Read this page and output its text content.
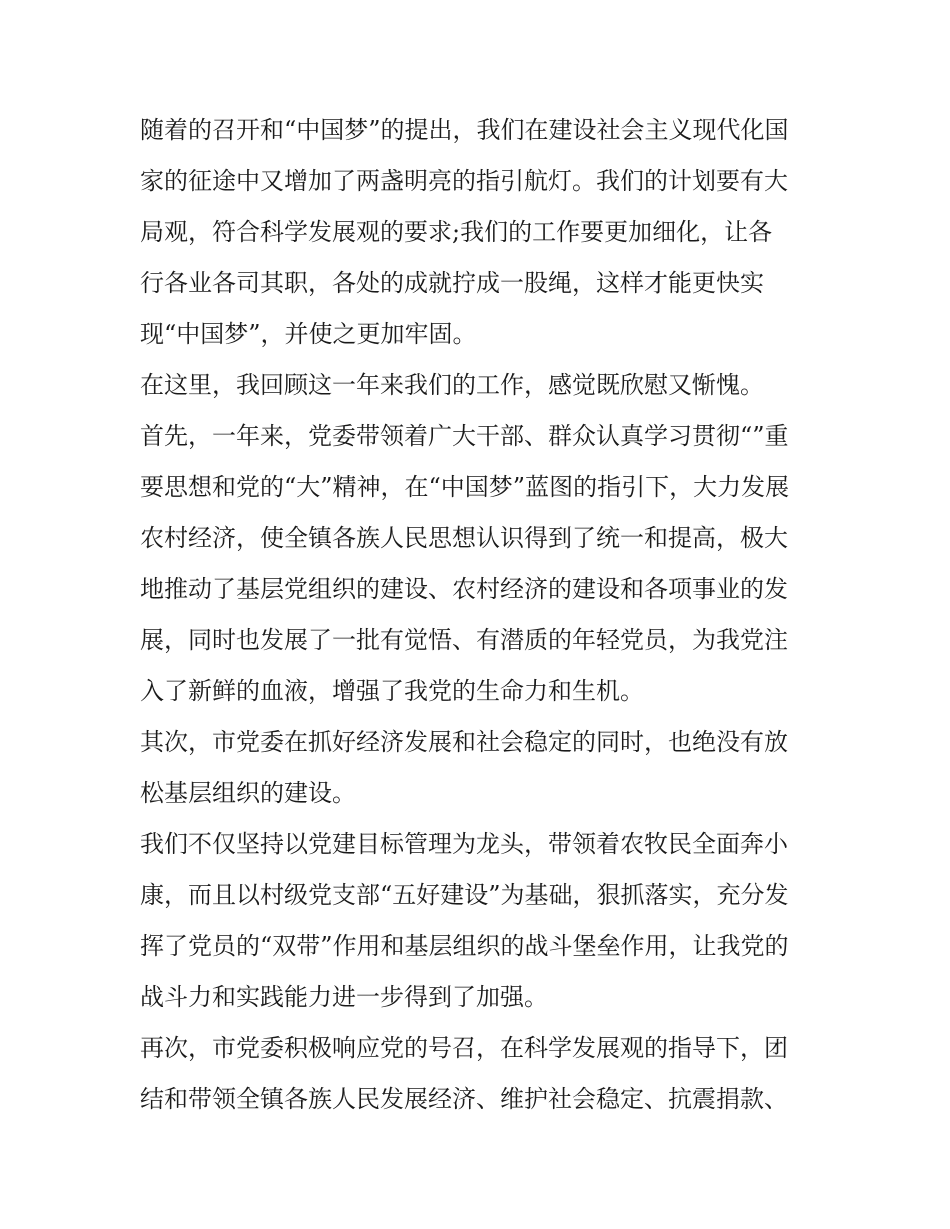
随着的召开和“中国梦”的提出，我们在建设社会主义现代化国
家的征途中又增加了两盏明亮的指引航灯。我们的计划要有大
局观，符合科学发展观的要求;我们的工作要更加细化，让各
行各业各司其职，各处的成就拧成一股绳，这样才能更快实
现“中国梦”，并使之更加牢固。
在这里，我回顾这一年来我们的工作，感觉既欣慰又惭愧。
首先，一年来，党委带领着广大干部、群众认真学习贯彻“”重
要思想和党的“大”精神，在“中国梦”蓝图的指引下，大力发展
农村经济，使全镇各族人民思想认识得到了统一和提高，极大
地推动了基层党组织的建设、农村经济的建设和各项事业的发
展，同时也发展了一批有觉悟、有潜质的年轻党员，为我党注
入了新鲜的血液，增强了我党的生命力和生机。
其次，市党委在抓好经济发展和社会稳定的同时，也绝没有放
松基层组织的建设。
我们不仅坚持以党建目标管理为龙头，带领着农牧民全面奔小
康，而且以村级党支部“五好建设”为基础，狠抓落实，充分发
挥了党员的“双带”作用和基层组织的战斗堡垒作用，让我党的
战斗力和实践能力进一步得到了加强。
再次，市党委积极响应党的号召，在科学发展观的指导下，团
结和带领全镇各族人民发展经济、维护社会稳定、抗震捐款、
